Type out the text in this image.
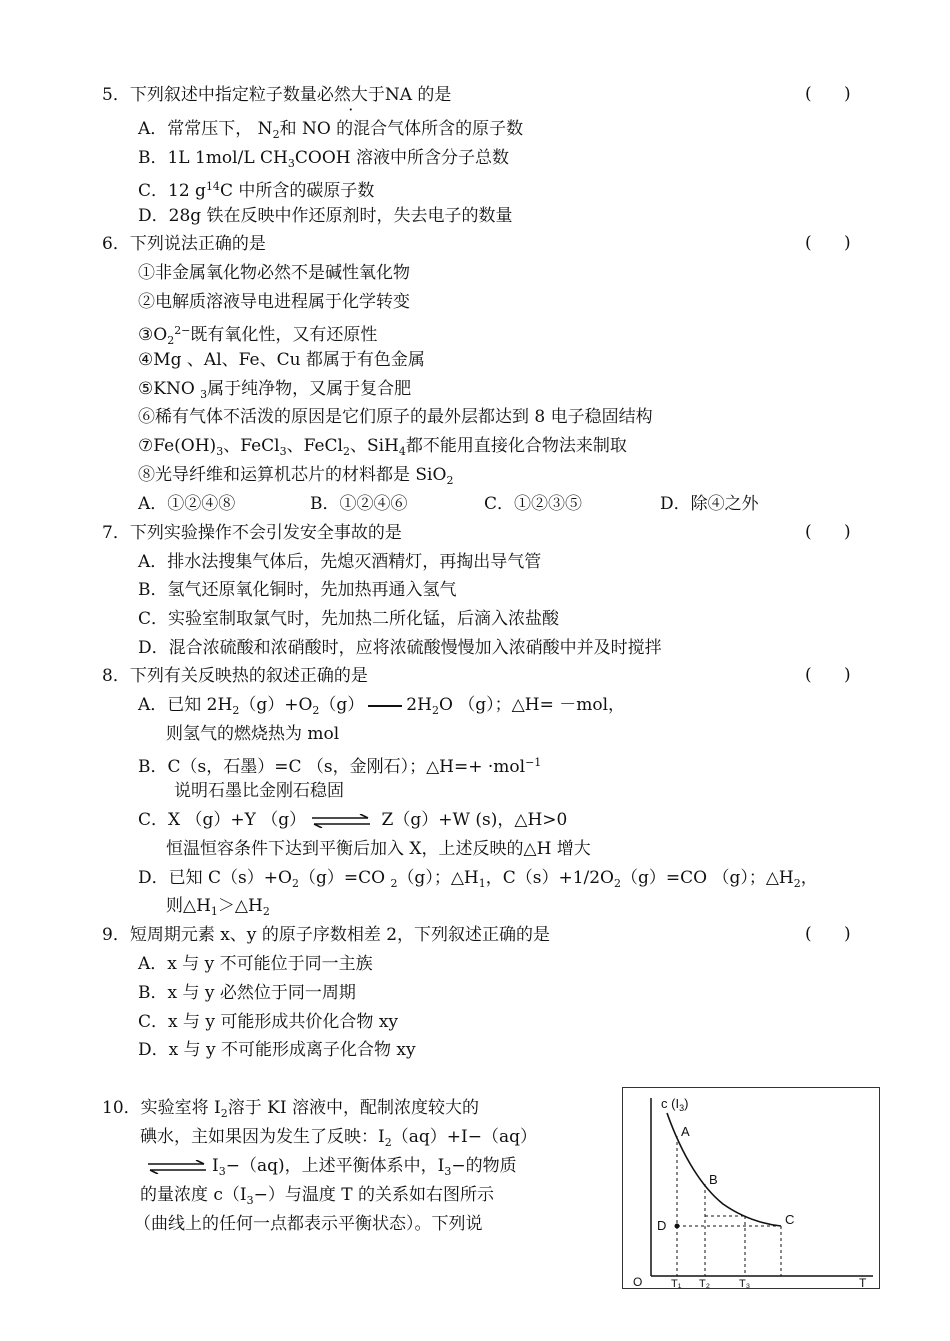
5．下列叙述中指定粒子数量必然大于NA 的是	(      )
A．常常压下， $N_2$和 NO 的混合气体所含的原子数
B．1L 1mol/L $CH_3COOH$ 溶液中所含分子总数
C．12 $g^{14}C$ 中所含的碳原子数
D．28g 铁在反映中作还原剂时，失去电子的数量
6．下列说法正确的是	(      )
①非金属氧化物必然不是碱性氧化物
②电解质溶液导电进程属于化学转变
$③O_2^{2-}$既有氧化性，又有还原性
④Mg 、Al、Fe、Cu 都属于有色金属
⑤KNO $_3$属于纯净物，又属于复合肥
⑥稀有气体不活泼的原因是它们原子的最外层都达到 8 电子稳固结构
$⑦Fe(OH)_3$、FeCl$_3$、FeCl$_2$、SiH$_4$都不能用直接化合物法来制取
⑧光导纤维和运算机芯片的材料都是 SiO$_2$
A．①②④⑧	B．①②④⑥	C．①②③⑤	D．除④之外
7．下列实验操作不会引发安全事故的是	(      )
A．排水法搜集气体后，先熄灭酒精灯，再掏出导气管
B．氢气还原氧化铜时，先加热再通入氢气
C．实验室制取氯气时，先加热二所化锰，后滴入浓盐酸
D．混合浓硫酸和浓硝酸时，应将浓硫酸慢慢加入浓硝酸中并及时搅拌
8．下列有关反映热的叙述正确的是	(      )
A．已知 $2H_2(g)+O_2(g)$ $2H_2O$ （g）；△H= －mol，
则氢气的燃烧热为 mol
B．C（s，石墨）=C （s，金刚石）；△H=+ ·mol$^{-1}$
说明石墨比金刚石稳固
C．X （g）+Y （g） ⇌ Z（g）+W (s)，△H>0
恒温恒容条件下达到平衡后加入 X，上述反映的△H 增大
D．已知 $C(s)+O_2(g)=CO$ $_2$（g）；$\triangle H_1$，$C(s)+1/2O_2(g)=CO$ （g）；$\triangle H_2$，
则$\triangle H_1>\triangle H_2$
9．短周期元素 x、y 的原子序数相差 2，下列叙述正确的是	(      )
A．x 与 y 不可能位于同一主族
B．x 与 y 必然位于同一周期
C．x 与 y 可能形成共价化合物 xy
D．x 与 y 不可能形成离子化合物 xy
10．实验室将 $I_2$溶于 KI 溶液中，配制浓度较大的
碘水，主如果因为发生了反映：$I_2(aq)+I-(aq)$
⇌ $I_3-(aq)$，上述平衡体系中，$I_3-$的物质
的量浓度 $c(I_3-)$与温度 T 的关系如右图所示
（曲线上的任何一点都表示平衡状态）。下列说
c $(I_3)$
A
B
C
D
O	T₁ T₂	T₃	T
